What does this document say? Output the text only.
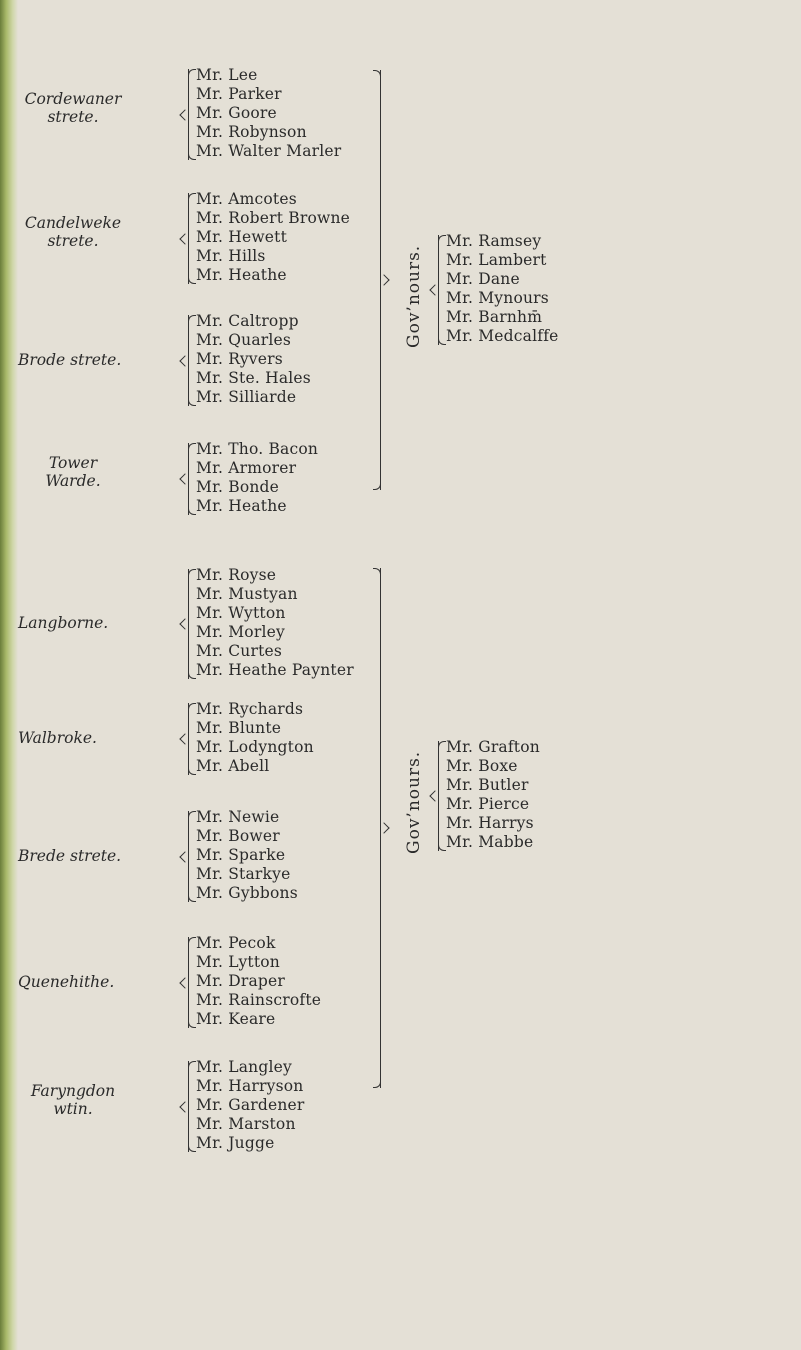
Cordewaner
strete.
Mr. Lee
Mr. Parker
Mr. Goore
Mr. Robynson
Mr. Walter Marler
Candelweke
strete.
Mr. Amcotes
Mr. Robert Browne
Mr. Hewett
Mr. Hills
Mr. Heathe
Brode strete.
Mr. Caltropp
Mr. Quarles
Mr. Ryvers
Mr. Ste. Hales
Mr. Silliarde
Tower
Warde.
Mr. Tho. Bacon
Mr. Armorer
Mr. Bonde
Mr. Heathe
Langborne.
Mr. Royse
Mr. Mustyan
Mr. Wytton
Mr. Morley
Mr. Curtes
Mr. Heathe Paynter
Walbroke.
Mr. Rychards
Mr. Blunte
Mr. Lodyngton
Mr. Abell
Brede strete.
Mr. Newie
Mr. Bower
Mr. Sparke
Mr. Starkye
Mr. Gybbons
Quenehithe.
Mr. Pecok
Mr. Lytton
Mr. Draper
Mr. Rainscrofte
Mr. Keare
Faryngdon
wtin.
Mr. Langley
Mr. Harryson
Mr. Gardener
Mr. Marston
Mr. Jugge
Gov’nours.
Mr. Ramsey
Mr. Lambert
Mr. Dane
Mr. Mynours
Mr. Barnhm̄
Mr. Medcalffe
Gov’nours.
Mr. Grafton
Mr. Boxe
Mr. Butler
Mr. Pierce
Mr. Harrys
Mr. Mabbe
